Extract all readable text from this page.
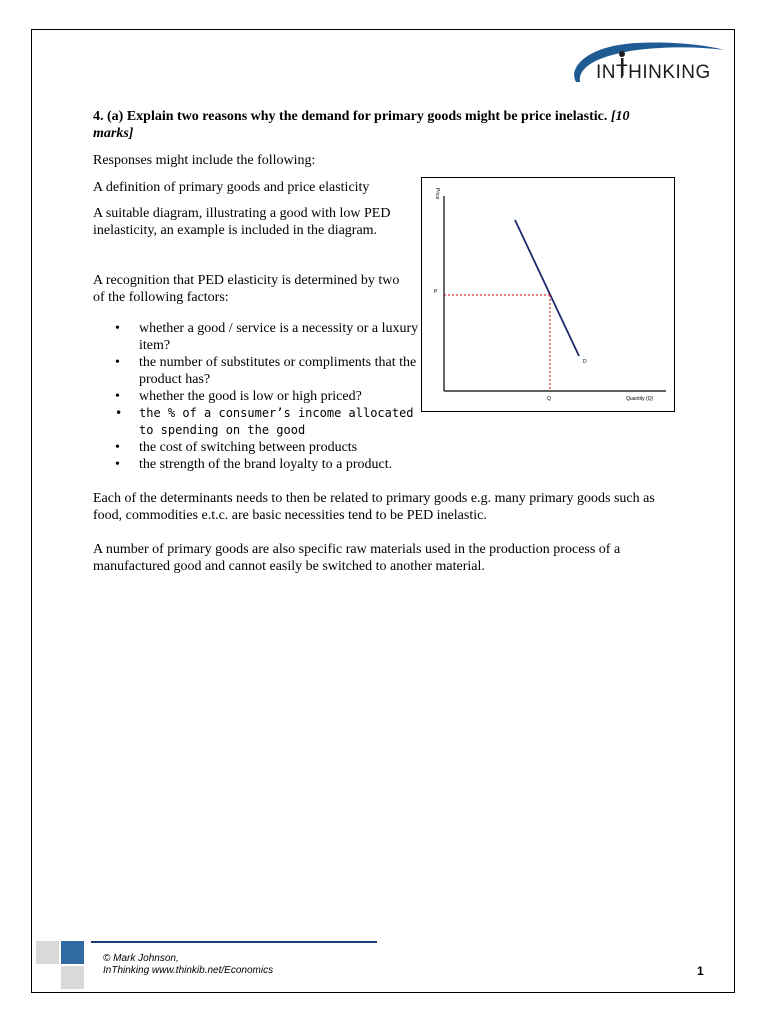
INTHINKING

4. (a) Explain two reasons why the demand for primary goods might be price inelastic. [10 marks]

Responses might include the following:

A definition of primary goods and price elasticity

A suitable diagram, illustrating a good with low PED inelasticity, an example is included in the diagram.

A recognition that PED elasticity is determined by two of the following factors:

• whether a good / service is a necessity or a luxury item?
• the number of substitutes or compliments that the product has?
• whether the good is low or high priced?
• the % of a consumer’s income allocated to spending on the good
• the cost of switching between products
• the strength of the brand loyalty to a product.

Each of the determinants needs to then be related to primary goods e.g. many primary goods such as food, commodities e.t.c. are basic necessities tend to be PED inelastic.

A number of primary goods are also specific raw materials used in the production process of a manufactured good and cannot easily be switched to another material.

Price
P
Q
D
Quantity (Q)
© Mark Johnson,
InThinking www.thinkib.net/Economics	1
